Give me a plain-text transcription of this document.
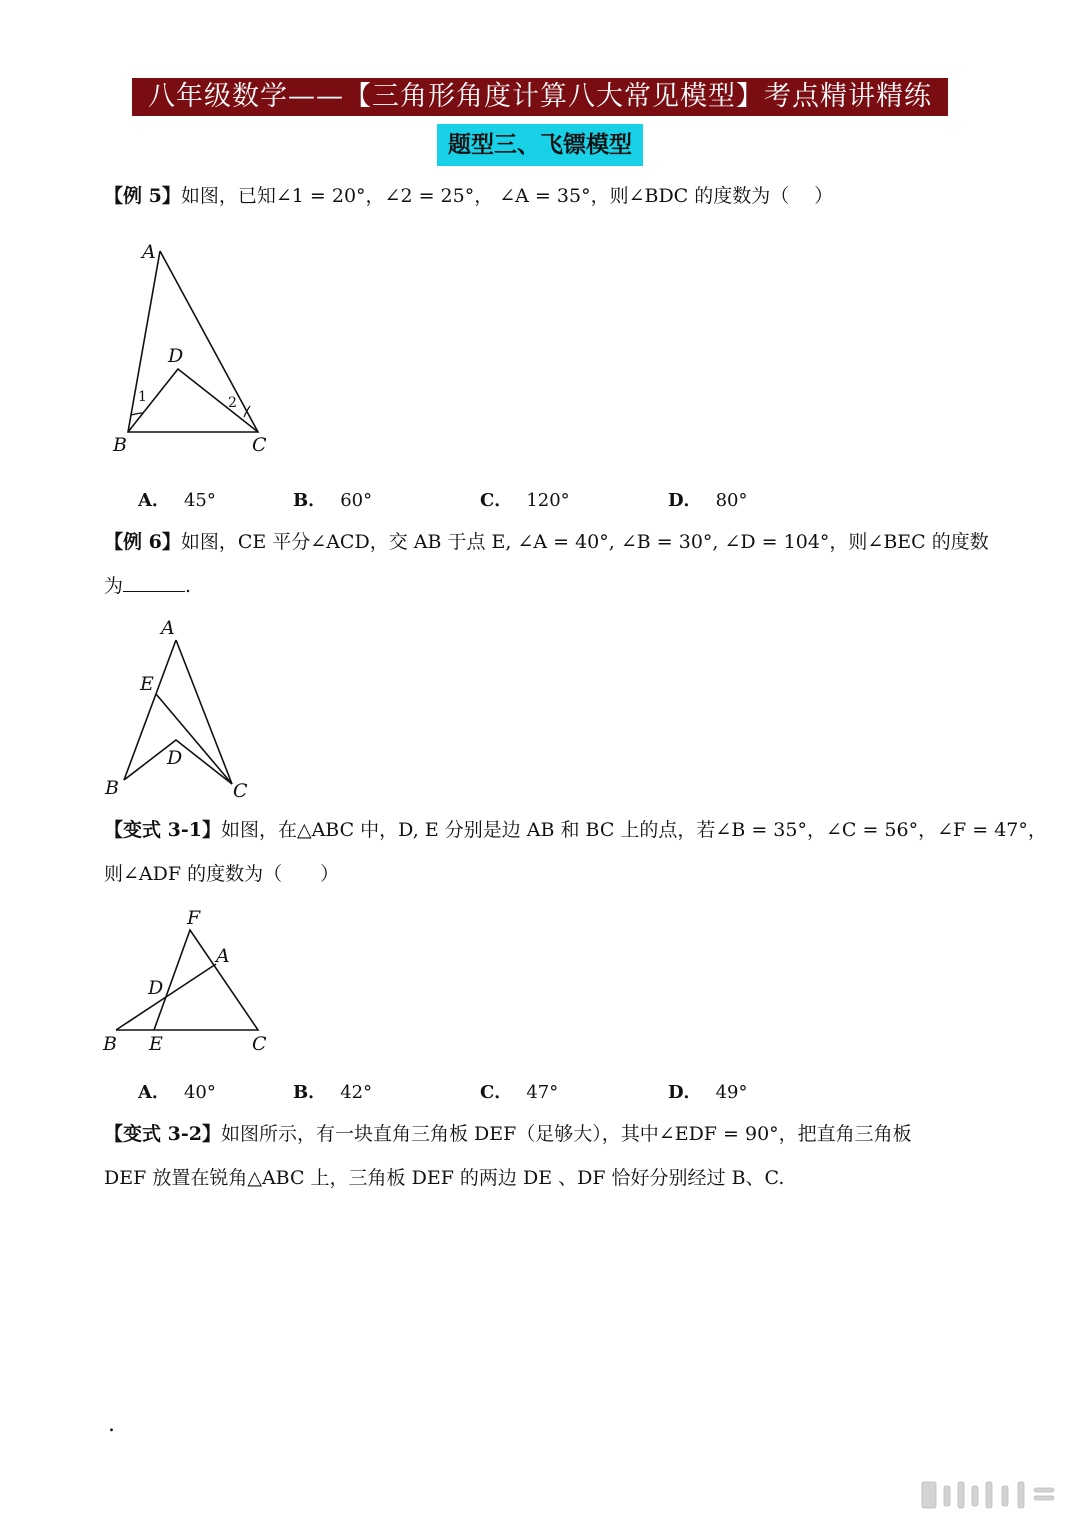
八年级数学——【三角形角度计算八大常见模型】考点精讲精练
题型三、飞镖模型
【例 5】如图，已知∠1 = 20°，∠2 = 25°， ∠A = 35°，则∠BDC 的度数为（　 ）
A
D
B	C
1	2
A． 45°	B． 60°	C． 120°	D． 80°
【例 6】如图，CE 平分∠ACD，交 AB 于点 E, ∠A = 40°, ∠B = 30°, ∠D = 104°，则∠BEC 的度数
为	.
A
E
D
B	C
【变式 3-1】如图，在△ABC 中，D, E 分别是边 AB 和 BC 上的点，若∠B = 35°，∠C = 56°，∠F = 47°，
则∠ADF 的度数为（　　）
F
A
D
B E	C
A． 40°	B． 42°	C． 47°	D． 49°
【变式 3-2】如图所示，有一块直角三角板 DEF（足够大），其中∠EDF = 90°，把直角三角板
DEF 放置在锐角△ABC 上，三角板 DEF 的两边 DE 、DF 恰好分别经过 B、C.
.
